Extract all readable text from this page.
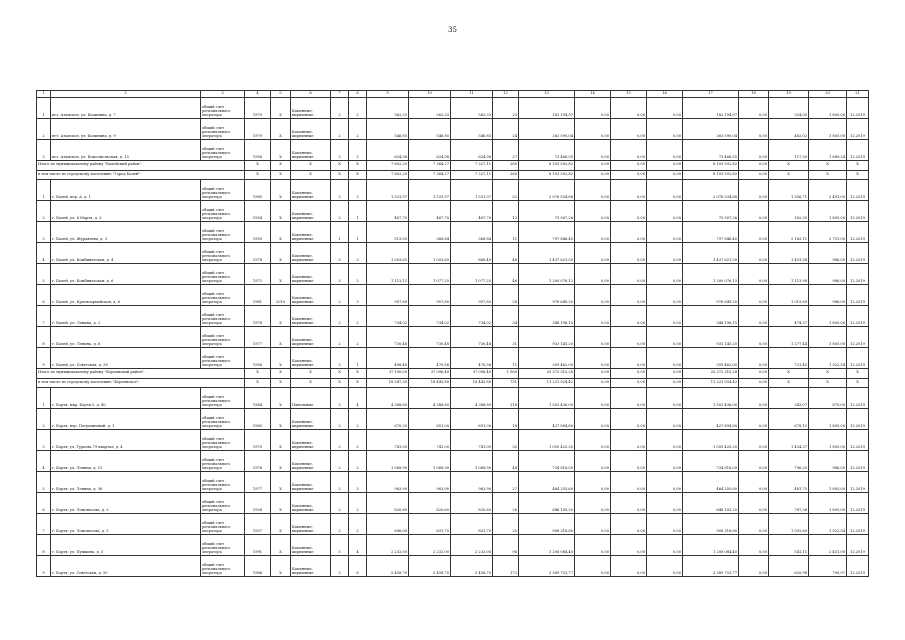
35
1	2	3	4	5	6	7	8	9	10	11	12	13	14	15	16	17	18	19	20	21
1	пгт. Атамское, ул. Калинина, д. 7	общий счет регионального оператора	1979	Х	Каменные, кирпичные	2	2	562,33	562,33	562,33	23	182 194,97	0,00	0,00	0,00	182 194,97	0,00	324,00	1 805,00	12.2019
2	пгт. Атамское, ул. Калинина, д. 9	общий счет регионального оператора	1979	Х	Каменные, кирпичные	2	2	546,85	546,85	546,85	24	263 590,04	0,00	0,00	0,00	263 590,04	0,00	482,02	1 805,00	12.2019
3	пгт. Атамское, ул. Комсомольская, д. 15	общий счет регионального оператора	1956	Х	Каменные, кирпичные	2	2	624,98	624,98	624,98	27	73 466,55	0,00	0,00	0,00	73 466,55	0,00	117,30	1 689,24	12.2019
Итого по муниципальному району "Балейский район":			Х	Х	Х	Х	Х	7 602,20	7 364,27	7 227,11	265	8 103 592,82	0,00	0,00	0,00	8 103 592,82	0,00	Х	Х	Х
в том числе по городскому поселению "Город Балей":			Х	Х	Х	Х	Х	7 602,20	7 364,27	7 227,11	265	8 103 592,82	0,00	0,00	0,00	8 103 592,82	0,00	Х	Х	Х
1	г. Балей, пер. А, д. 1	общий счет регионального оператора	1985	Х	Каменные, кирпичные	3	3	1 531,97	1 531,97	1 531,97	52	2 076 534,88	0,00	0,00	0,00	2 076 534,88	0,00	1 356,71	2 491,00	12.2019
2	г. Балей, ул. 8 Марта, д. 3	общий счет регионального оператора	1954	Х	Каменные, кирпичные	2	1	467,70	467,70	467,70	12	75 907,26	0,00	0,00	0,00	75 907,26	0,00	162,30	1 805,00	12.2019
3	г. Балей, ул. Журавлева, д. 3	общий счет регионального оператора	1959	Х	Каменные, кирпичные	1	1	513,00	368,84	368,84	11	797 846,40	0,00	0,00	0,00	797 846,40	0,00	2 163,11	2 751,00	12.2019
4	г. Балей, ул. Комбинатская, д. 4	общий счет регионального оператора	1978	Х	Каменные, кирпичные	3	3	1 003,65	1 003,65	868,49	46	1 437 621,50	0,00	0,00	0,00	1 437 621,50	0,00	1 431,94	986,00	12.2019
5	г. Балей, ул. Комбинатская, д. 6	общий счет регионального оператора	1972	Х	Каменные, кирпичные	3	2	1 113,12	1 077,25	1 077,25	46	1 200 076,13	0,00	0,00	0,00	1 200 076,13	0,00	1 113,98	986,00	12.2019
6	г. Балей, ул. Красноармейская, д. 6	общий счет регионального оператора	1961	2010	Каменные, кирпичные	2	3	957,80	957,80	957,80	28	976 649,20	0,00	0,00	0,00	976 649,20	0,00	1 019,69	986,00	12.2019
7	г. Балей, ул. Ленина, д. 2	общий счет регионального оператора	1978	Х	Каменные, кирпичные	2	2	734,02	734,02	734,02	34	348 196,15	0,00	0,00	0,00	348 196,15	0,00	474,37	1 805,00	12.2019
8	г. Балей, ул. Ленина, д. 6	общий счет регионального оператора	1977	Х	Каменные, кирпичные	2	2	730,48	730,48	730,48	31	933 145,20	0,00	0,00	0,00	933 145,20	0,00	1 277,44	1 805,00	12.2019
9	г. Балей, ул. Советская, д. 59	общий счет регионального оператора	1956	Х	Каменные, кирпичные	2	1	498,46	470,56	470,56	11	359 462,00	0,00	0,00	0,00	359 462,00	0,00	721,40	1 922,54	12.2019
Итого по муниципальному району "Борзинский район":			Х	Х	Х	Х	Х	37 190,00	37 096,40	37 096,40	1 569	25 372 315,28	0,00	0,00	0,00	25 372 315,28	0,00	Х	Х	Х
в том числе по городскому поселению "Борзинское":			Х	Х	Х	Х	Х	18 547,30	18 443,80	18 443,80	731	11 221 924,42	0,00	0,00	0,00	11 221 924,42	0,00	Х	Х	Х
1	г. Борзя, мкр. Борзя-2, д. 40	общий счет регионального оператора	1964	Х	Панельные	5	4	4 388,80	4 388,80	4 388,80	218	1 503 436,00	0,00	0,00	0,00	1 503 436,00	0,00	343,07	870,00	12.2019
2	г. Борзя, пер. Пограничный, д. 1	общий счет регионального оператора	1965	Х	Каменные, кирпичные	2	2	670,20	651,00	651,00	18	427 894,80	0,00	0,00	0,00	427 894,80	0,00	678,12	1 805,00	12.2019
3	г. Борзя, ул. Гурьева 79 квартал, д. 4	общий счет регионального оператора	1970	Х	Каменные, кирпичные	2	2	741,00	741,00	741,00	32	1 055 425,20	0,00	0,00	0,00	1 055 425,20	0,00	1 424,37	1 805,00	12.2019
4	г. Борзя, ул. Ленина, д. 12	общий счет регионального оператора	1976	Х	Каменные, кирпичные	2	2	1 068,90	1 068,90	1 068,90	44	734 818,00	0,00	0,00	0,00	734 818,00	0,00	796,25	986,00	12.2019
5	г. Борзя, ул. Ленина, д. 36	общий счет регионального оператора	1977	Х	Каменные, кирпичные	2	3	963,90	963,90	963,90	27	464 255,60	0,00	0,00	0,00	464 255,60	0,00	481,75	1 805,00	12.2019
6	г. Борзя, ул. Ломоносова, д. 3	общий счет регионального оператора	1926	Х	Каменные, кирпичные	2	2	820,60	820,60	820,60	26	646 105,20	0,00	0,00	0,00	646 105,20	0,00	787,36	1 805,00	12.2019
7	г. Борзя, ул. Ломоносова, д. 5	общий счет регионального оператора	1957	Х	Каменные, кирпичные	2	2	896,00	831,70	831,70	25	908 318,80	0,00	0,00	0,00	908 318,80	0,00	1 092,60	1 922,54	12.2019
8	г. Борзя, ул. Пушкина, д. 5	общий счет регионального оператора	1991	Х	Каменные, кирпичные	5	4	2 232,00	2 232,00	2 232,00	98	1 208 084,40	0,00	0,00	0,00	1 208 084,40	0,00	541,11	2 451,00	12.2019
9	г. Борзя, ул. Советская, д. 50	общий счет регионального оператора	1986	Х	Каменные, кирпичные	5	8	5 458,70	5 458,70	5 458,70	172	3 389 753,77	0,00	0,00	0,00	3 389 753,77	0,00	620,98	700,97	12.2019
